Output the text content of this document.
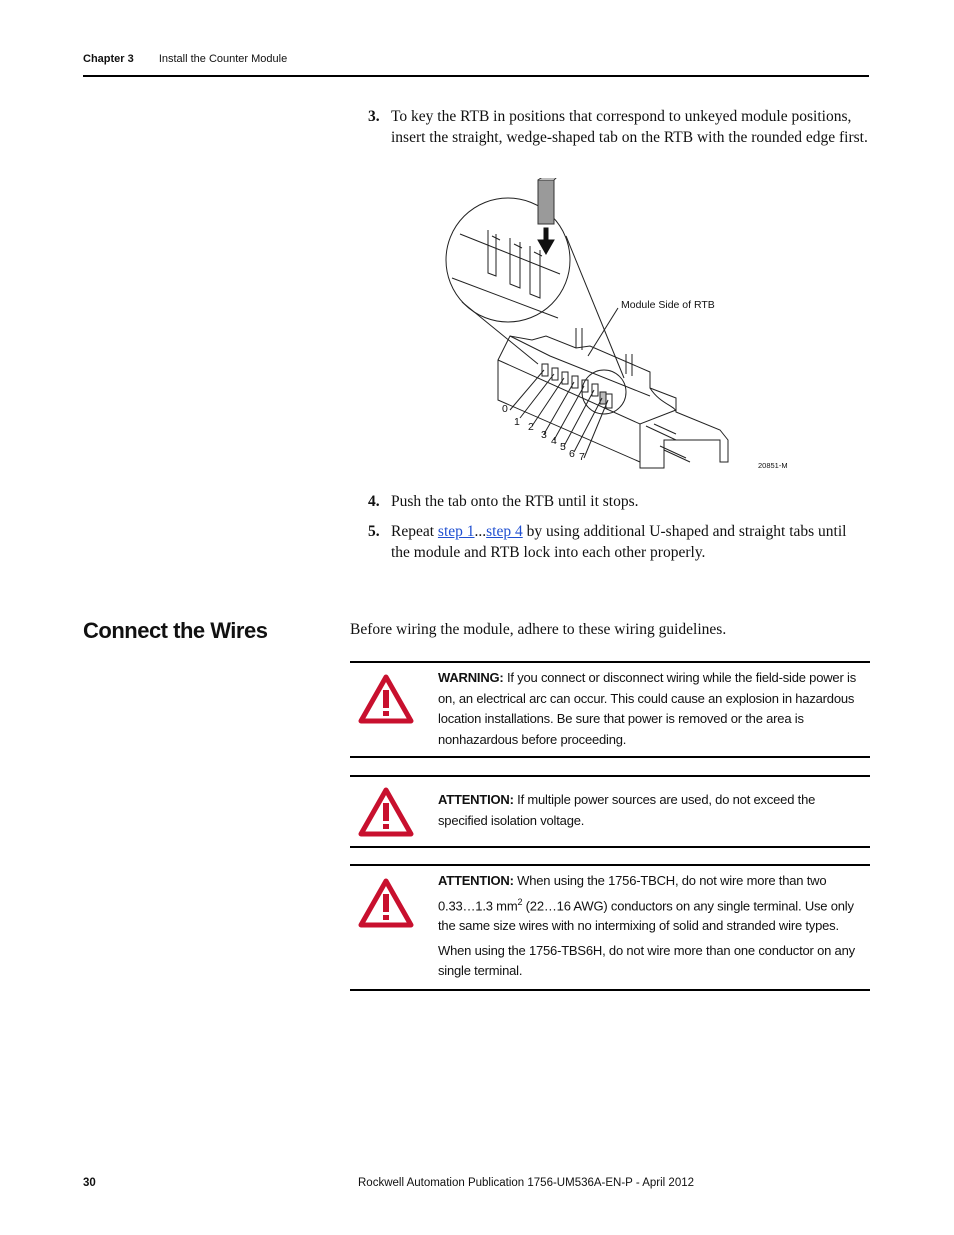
Chapter 3 Install the Counter Module
3. To key the RTB in positions that correspond to unkeyed module positions, insert the straight, wedge-shaped tab on the RTB with the rounded edge first.
Module Side of RTB
0
1 2
3 4 5
6 7
20851-M
4. Push the tab onto the RTB until it stops.
5. Repeat step 1...step 4 by using additional U-shaped and straight tabs until the module and RTB lock into each other properly.
Connect the Wires	Before wiring the module, adhere to these wiring guidelines.
WARNING: If you connect or disconnect wiring while the field-side power is on, an electrical arc can occur. This could cause an explosion in hazardous location installations. Be sure that power is removed or the area is nonhazardous before proceeding.
ATTENTION: If multiple power sources are used, do not exceed the specified isolation voltage.

ATTENTION: When using the 1756-TBCH, do not wire more than two 0.33…1.3 $mm^2$ (22…16 AWG) conductors on any single terminal. Use only the same size wires with no intermixing of solid and stranded wire types.

When using the 1756-TBS6H, do not wire more than one conductor on any single terminal.

30	Rockwell Automation Publication 1756-UM536A-EN-P - April 2012
